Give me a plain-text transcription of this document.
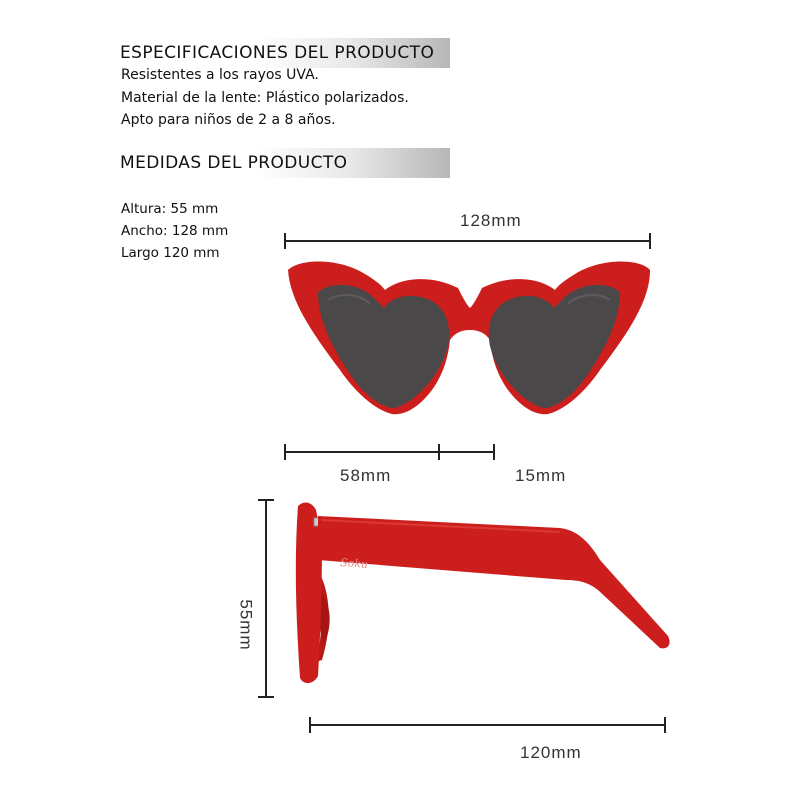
ESPECIFICACIONES DEL PRODUCTO
Resistentes a los rayos UVA.
Material de la lente: Plástico polarizados.
Apto para niños de 2 a 8 años.
MEDIDAS DEL PRODUCTO
Altura: 55 mm
Ancho: 128 mm
Largo 120 mm
Soku
128mm
58mm	15mm
55mm
120mm
